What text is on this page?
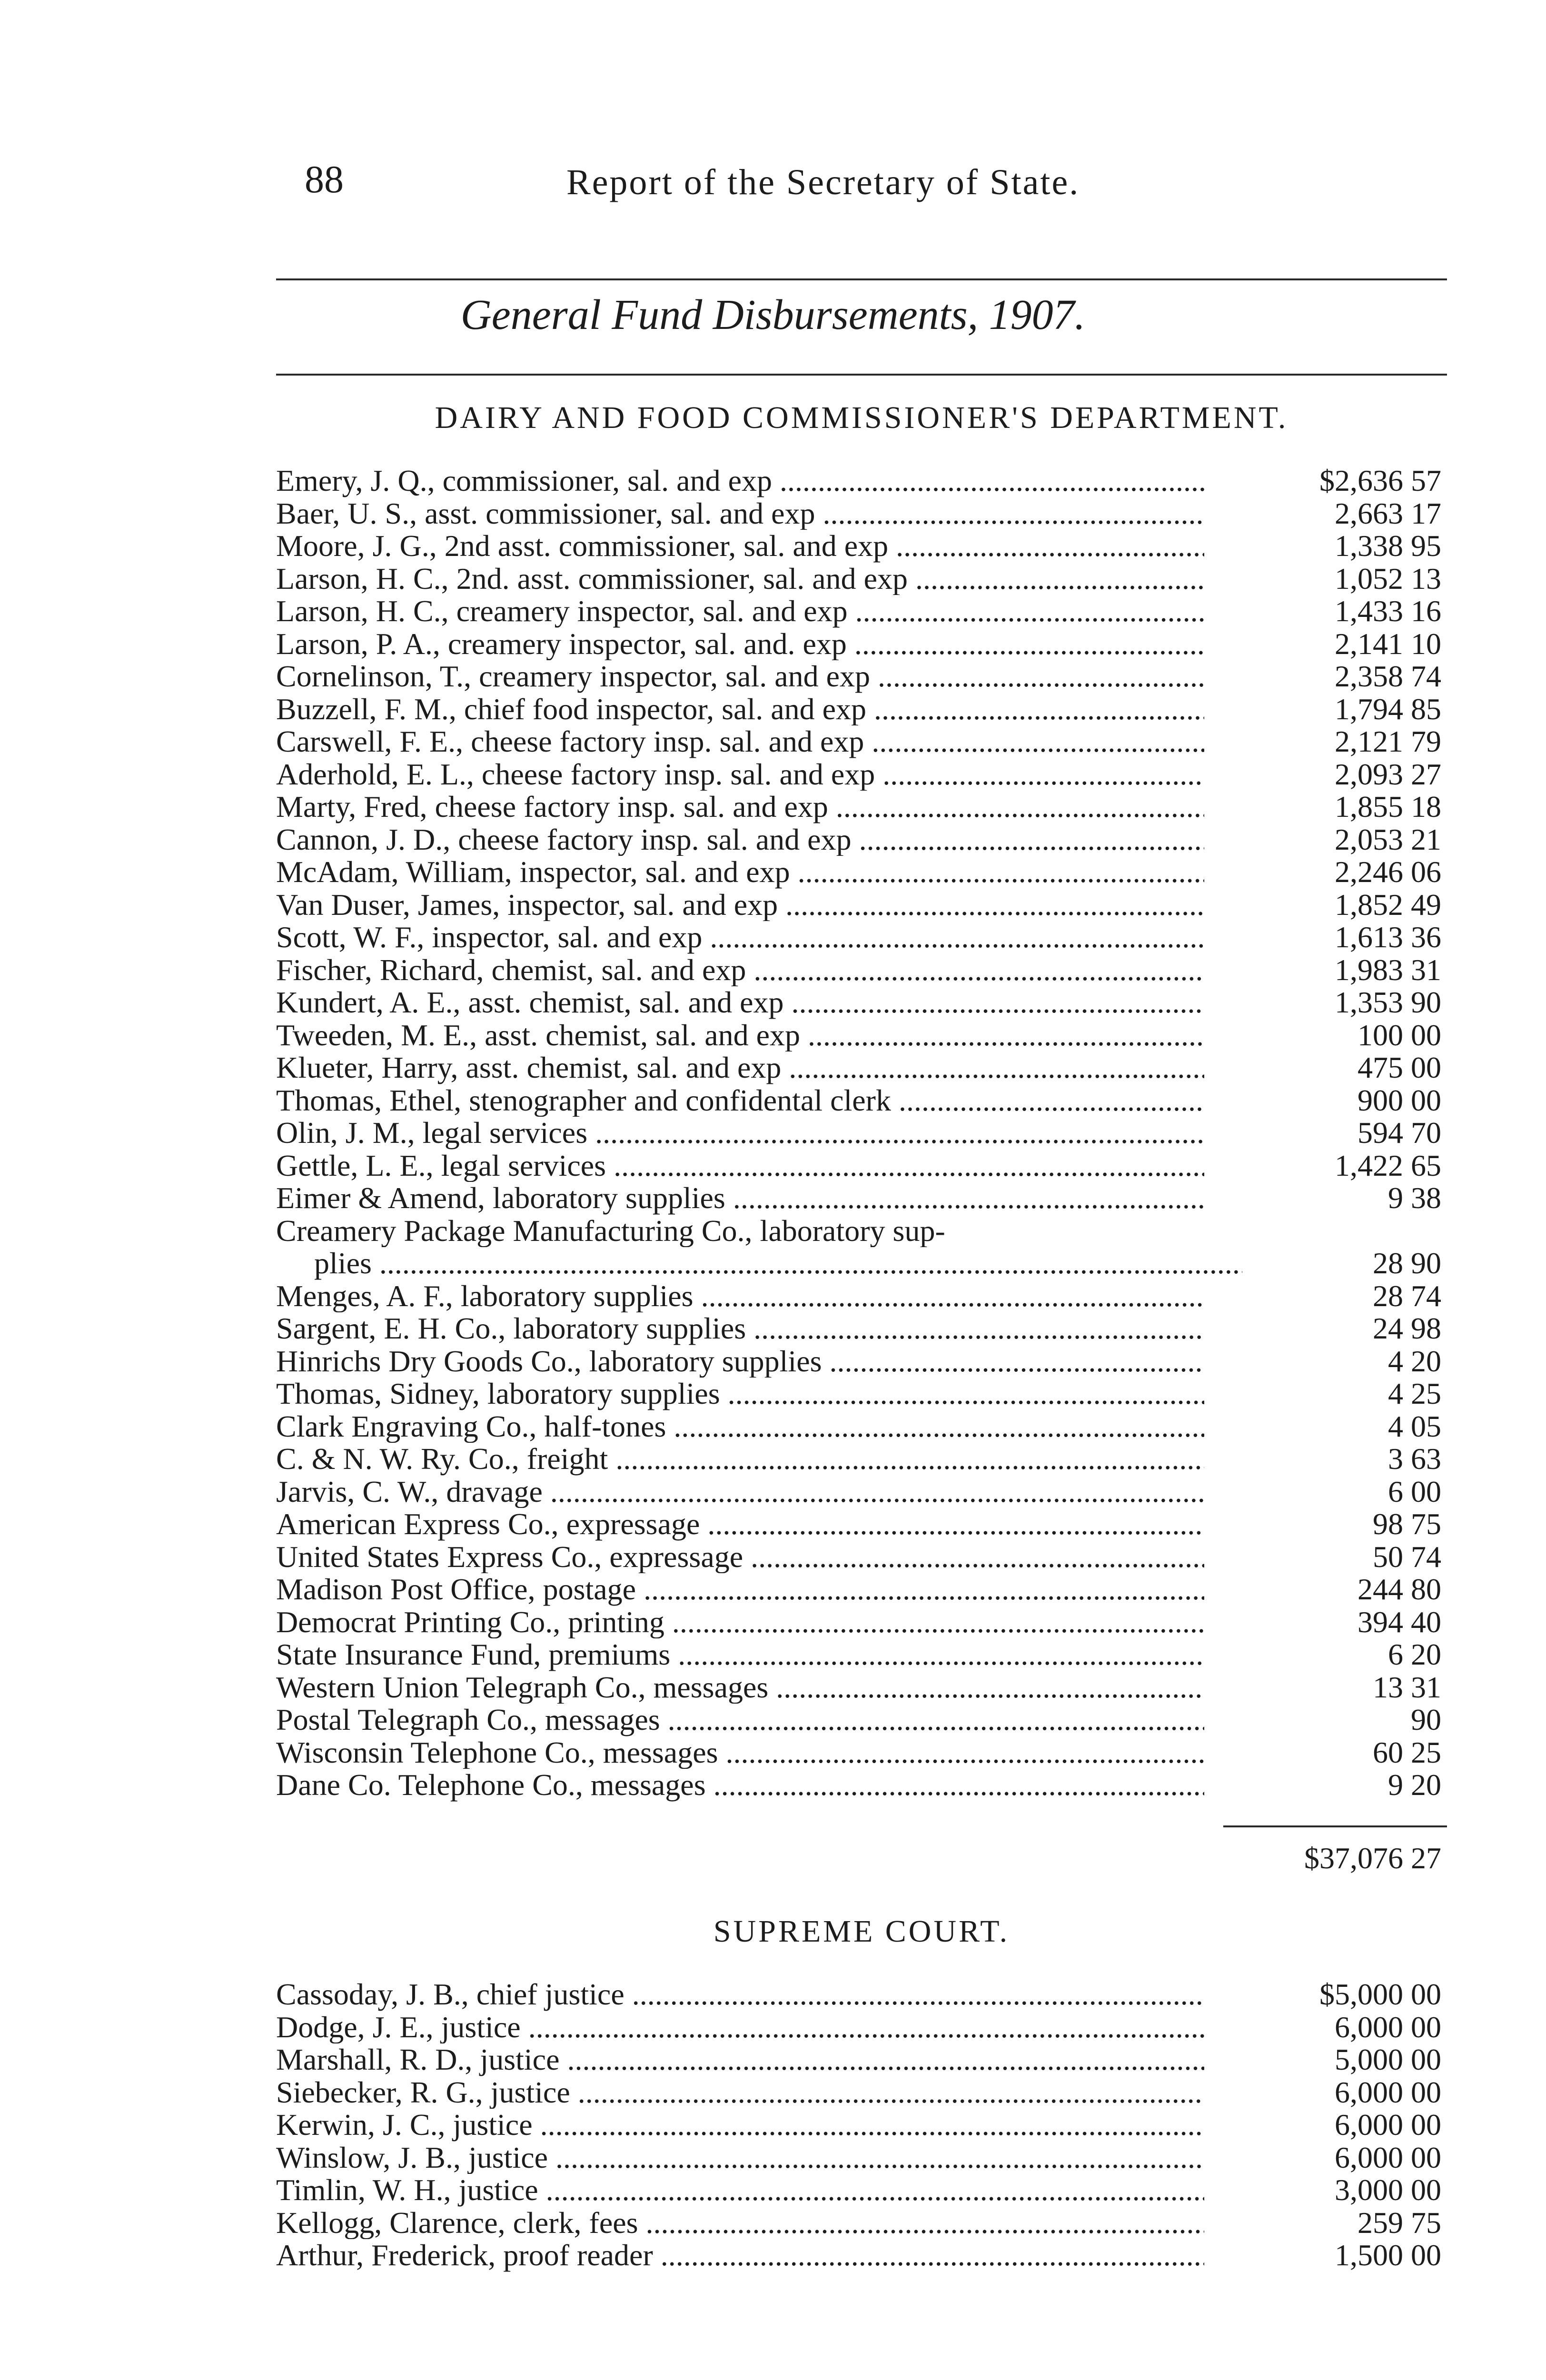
88	Report of the Secretary of State.
General Fund Disbursements, 1907.
DAIRY AND FOOD COMMISSIONER'S DEPARTMENT.
Emery, J. Q., commissioner, sal. and exp .....	$2,636 57
Baer, U. S., asst. commissioner, sal. and exp .....	2,663 17
Moore, J. G., 2nd asst. commissioner, sal. and exp .....	1,338 95
Larson, H. C., 2nd. asst. commissioner, sal. and exp .....	1,052 13
Larson, H. C., creamery inspector, sal. and exp .....	1,433 16
Larson, P. A., creamery inspector, sal. and. exp .....	2,141 10
Cornelinson, T., creamery inspector, sal. and exp .....	2,358 74
Buzzell, F. M., chief food inspector, sal. and exp .....	1,794 85
Carswell, F. E., cheese factory insp. sal. and exp .....	2,121 79
Aderhold, E. L., cheese factory insp. sal. and exp .....	2,093 27
Marty, Fred, cheese factory insp. sal. and exp .....	1,855 18
Cannon, J. D., cheese factory insp. sal. and exp .....	2,053 21
McAdam, William, inspector, sal. and exp .....	2,246 06
Van Duser, James, inspector, sal. and exp .....	1,852 49
Scott, W. F., inspector, sal. and exp .....	1,613 36
Fischer, Richard, chemist, sal. and exp .....	1,983 31
Kundert, A. E., asst. chemist, sal. and exp .....	1,353 90
Tweeden, M. E., asst. chemist, sal. and exp .....	100 00
Klueter, Harry, asst. chemist, sal. and exp .....	475 00
Thomas, Ethel, stenographer and confidental clerk .....	900 00
Olin, J. M., legal services .....	594 70
Gettle, L. E., legal services .....	1,422 65
Eimer & Amend, laboratory supplies .....	9 38
Creamery Package Manufacturing Co., laboratory sup-
plies .....	28 90
Menges, A. F., laboratory supplies .....	28 74
Sargent, E. H. Co., laboratory supplies .....	24 98
Hinrichs Dry Goods Co., laboratory supplies .....	4 20
Thomas, Sidney, laboratory supplies .....	4 25
Clark Engraving Co., half-tones .....	4 05
C. & N. W. Ry. Co., freight .....	3 63
Jarvis, C. W., dravage .....	6 00
American Express Co., expressage .....	98 75
United States Express Co., expressage .....	50 74
Madison Post Office, postage .....	244 80
Democrat Printing Co., printing .....	394 40
State Insurance Fund, premiums .....	6 20
Western Union Telegraph Co., messages .....	13 31
Postal Telegraph Co., messages .....	90
Wisconsin Telephone Co., messages .....	60 25
Dane Co. Telephone Co., messages .....	9 20
$37,076 27
SUPREME COURT.
Cassoday, J. B., chief justice .....	$5,000 00
Dodge, J. E., justice .....	6,000 00
Marshall, R. D., justice .....	5,000 00
Siebecker, R. G., justice .....	6,000 00
Kerwin, J. C., justice .....	6,000 00
Winslow, J. B., justice .....	6,000 00
Timlin, W. H., justice .....	3,000 00
Kellogg, Clarence, clerk, fees .....	259 75
Arthur, Frederick, proof reader .....	1,500 00
